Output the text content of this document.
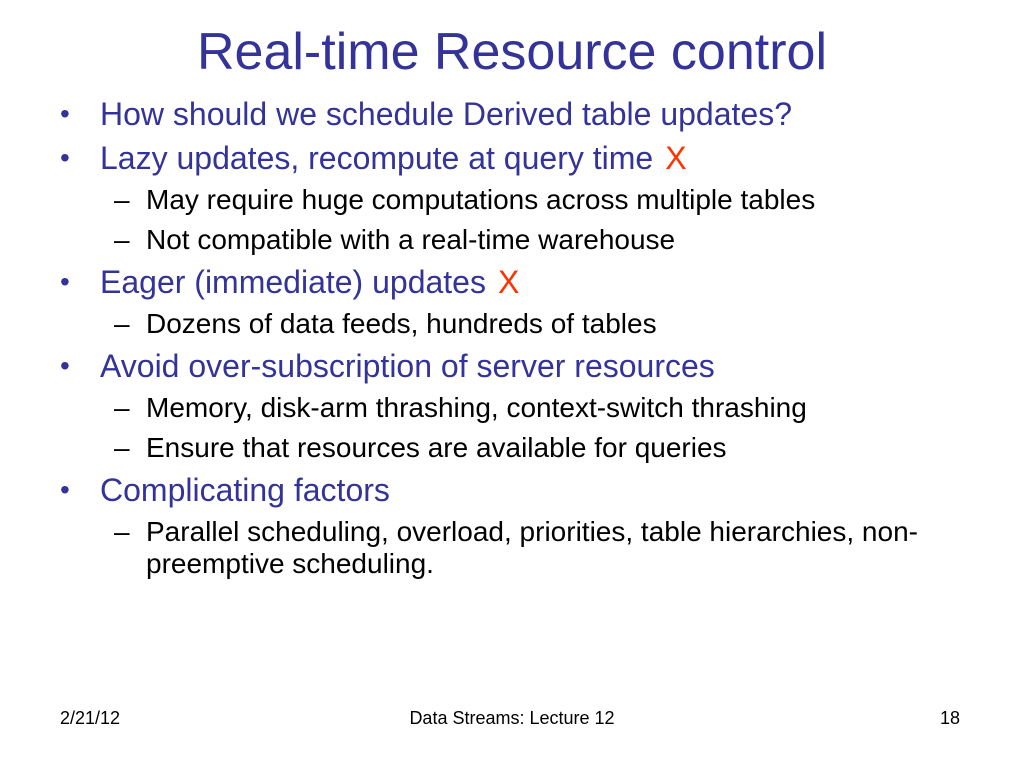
Real-time Resource control
• How should we schedule Derived table updates?
• Lazy updates, recompute at query time X
– May require huge computations across multiple tables
– Not compatible with a real-time warehouse
• Eager (immediate) updates X
– Dozens of data feeds, hundreds of tables
• Avoid over-subscription of server resources
– Memory, disk-arm thrashing, context-switch thrashing
– Ensure that resources are available for queries
• Complicating factors
– Parallel scheduling, overload, priorities, table hierarchies, non-preemptive scheduling.
2/21/12	Data Streams: Lecture 12	18
